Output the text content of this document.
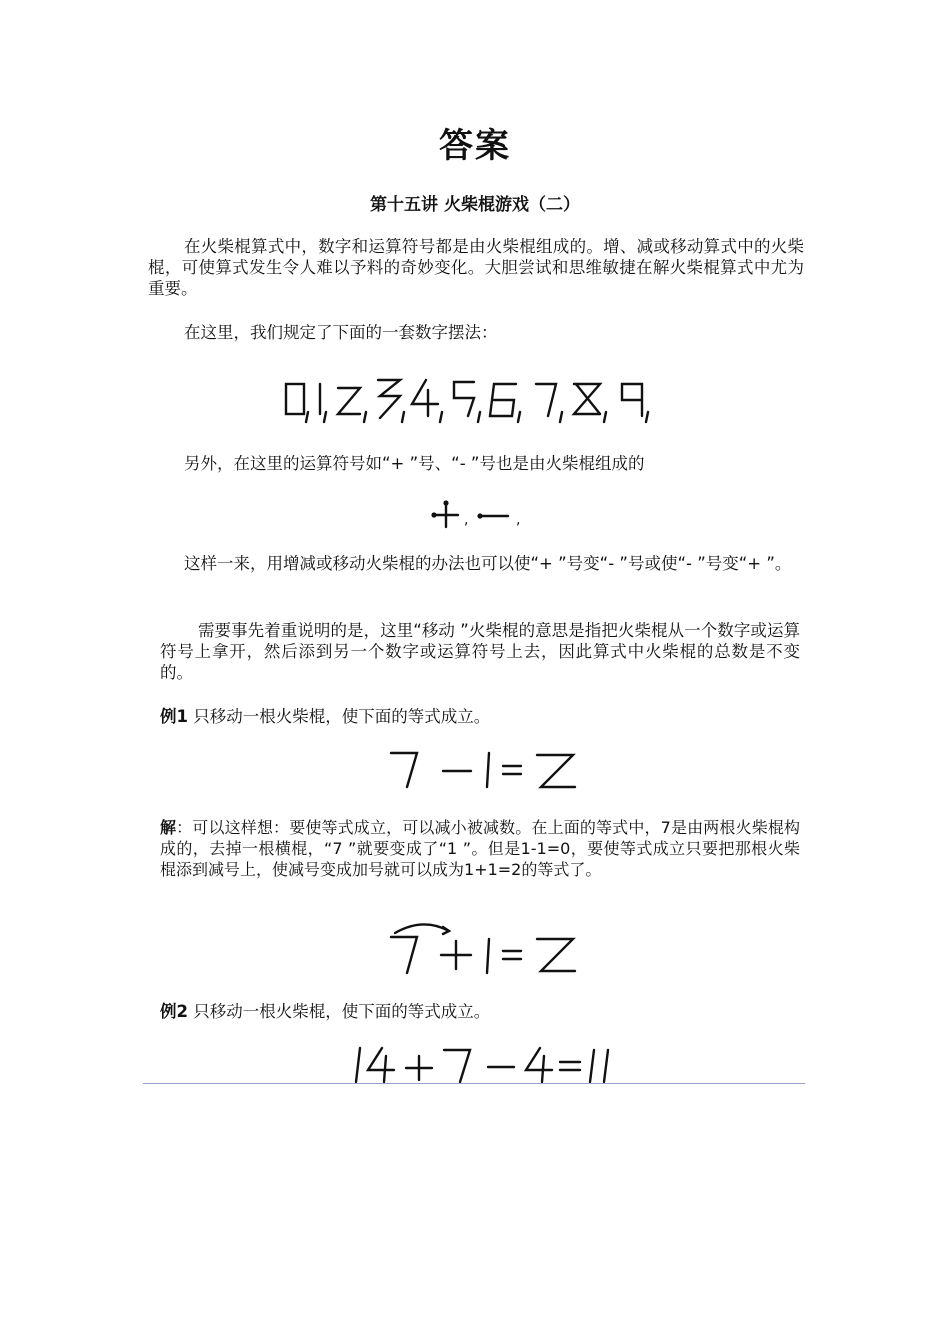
答案
第十五讲 火柴棍游戏（二）

在火柴棍算式中，数字和运算符号都是由火柴棍组成的。增、减或移动算式中的火柴棍，可使算式发生令人难以予料的奇妙变化。大胆尝试和思维敏捷在解火柴棍算式中尤为重要。

在这里，我们规定了下面的一套数字摆法：

另外，在这里的运算符号如“+ ”号、“- ”号也是由火柴棍组成的

,	,

这样一来，用增减或移动火柴棍的办法也可以使“+ ”号变“- ”号或使“- ”号变“+ ”。

需要事先着重说明的是，这里“移动 ”火柴棍的意思是指把火柴棍从一个数字或运算符号上拿开，然后添到另一个数字或运算符号上去，因此算式中火柴棍的总数是不变的。

例1 只移动一根火柴棍，使下面的等式成立。

解：可以这样想：要使等式成立，可以减小被减数。在上面的等式中，7是由两根火柴棍构成的，去掉一根横棍，“7 ”就要变成了“1 ”。但是1-1=0，要使等式成立只要把那根火柴棍添到减号上，使减号变成加号就可以成为1+1=2的等式了。

例2 只移动一根火柴棍，使下面的等式成立。
